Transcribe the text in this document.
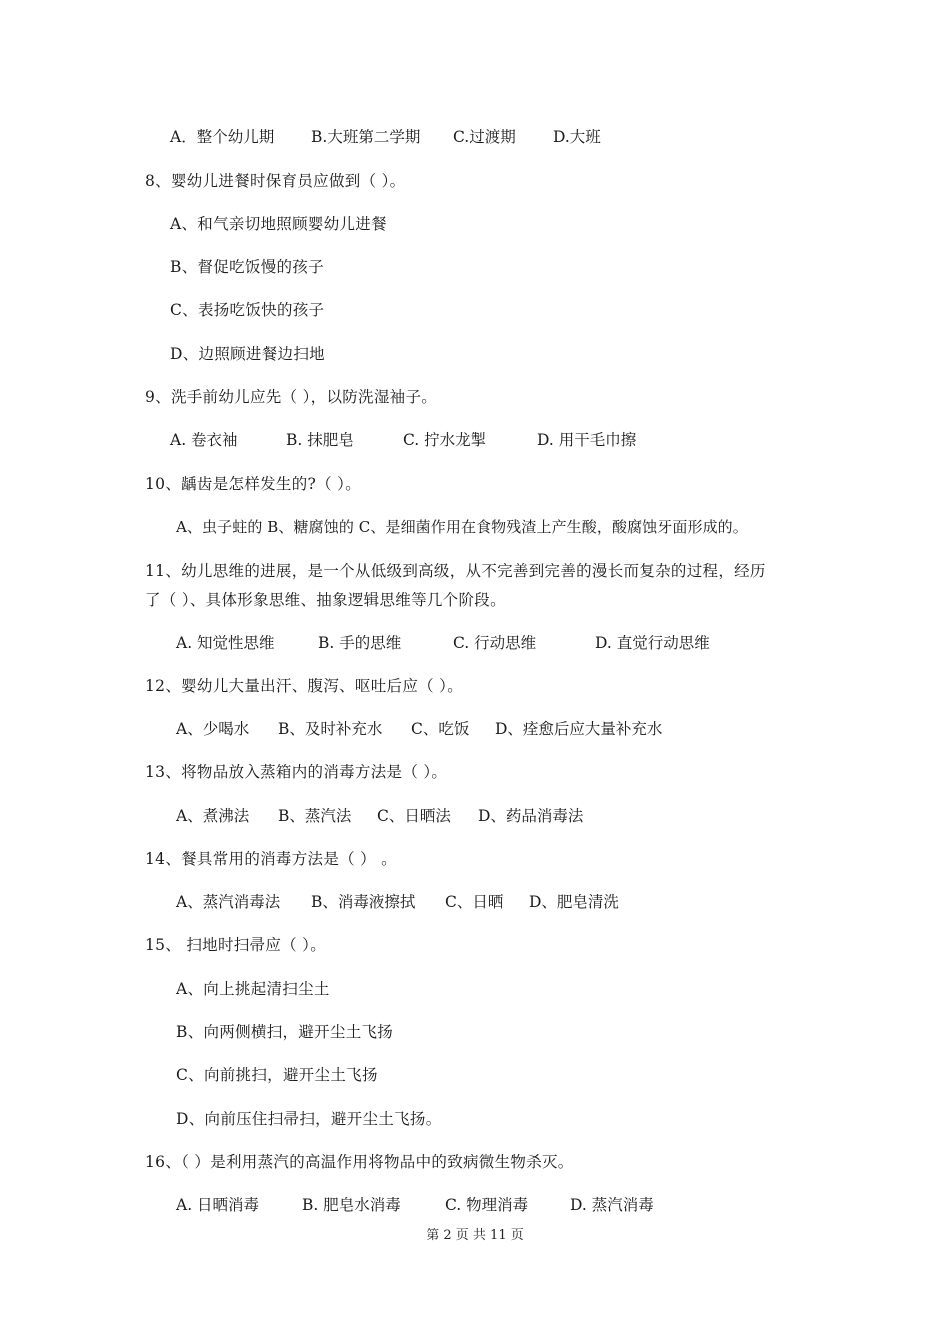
A．整个幼儿期 B.大班第二学期 C.过渡期 D.大班
8、婴幼儿进餐时保育员应做到（ ）。
A、和气亲切地照顾婴幼儿进餐
B、督促吃饭慢的孩子
C、表扬吃饭快的孩子
D、边照顾进餐边扫地
9、洗手前幼儿应先（ ），以防洗湿袖子。
A. 卷衣袖	B. 抹肥皂	C. 拧水龙掣	D. 用干毛巾擦
10、龋齿是怎样发生的?（ ）。
A、虫子蛀的 B、糖腐蚀的 C、是细菌作用在食物残渣上产生酸，酸腐蚀牙面形成的。
11、幼儿思维的进展，是一个从低级到高级，从不完善到完善的漫长而复杂的过程，经历
了（ ）、具体形象思维、抽象逻辑思维等几个阶段。
A. 知觉性思维	B. 手的思维	C. 行动思维	D. 直觉行动思维
12、婴幼儿大量出汗、腹泻、呕吐后应（ ）。
A、少喝水 B、及时补充水 C、吃饭 D、痊愈后应大量补充水
13、将物品放入蒸箱内的消毒方法是（ ）。
A、煮沸法 B、蒸汽法 C、日晒法 D、药品消毒法
14、餐具常用的消毒方法是（ ） 。
A、蒸汽消毒法 B、消毒液擦拭 C、日晒 D、肥皂清洗
15、 扫地时扫帚应（ ）。
A、向上挑起清扫尘土
B、向两侧横扫，避开尘土飞扬
C、向前挑扫，避开尘土飞扬
D、向前压住扫帚扫，避开尘土飞扬。
16、（ ）是利用蒸汽的高温作用将物品中的致病微生物杀灭。
A. 日晒消毒	B. 肥皂水消毒	C. 物理消毒	D. 蒸汽消毒
第 2 页 共 11 页
